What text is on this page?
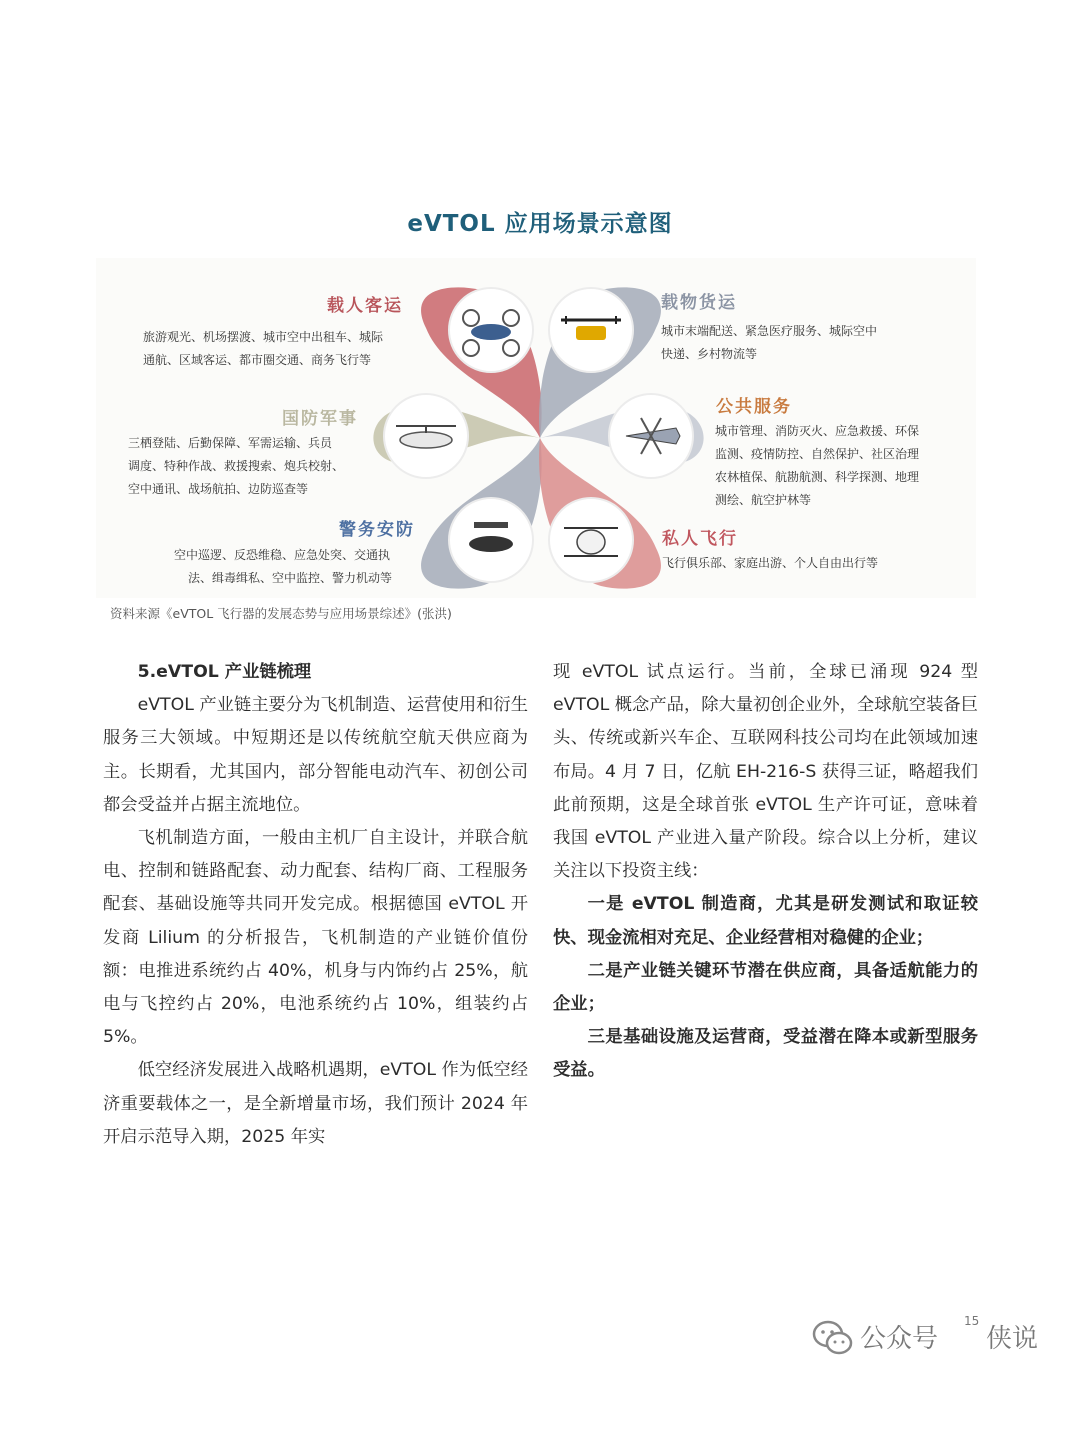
eVTOL 应用场景示意图
载人客运
旅游观光、机场摆渡、城市空中出租车、城际
通航、区域客运、都市圈交通、商务飞行等
载物货运
城市末端配送、紧急医疗服务、城际空中
快递、乡村物流等
国防军事
三栖登陆、后勤保障、军需运输、兵员
调度、特种作战、救援搜索、炮兵校射、
空中通讯、战场航拍、边防巡查等
公共服务
城市管理、消防灭火、应急救援、环保
监测、疫情防控、自然保护、社区治理
农林植保、航勘航测、科学探测、地理
测绘、航空护林等
警务安防
空中巡逻、反恐维稳、应急处突、交通执
法、缉毒缉私、空中监控、警力机动等
私人飞行
飞行俱乐部、家庭出游、个人自由出行等
资料来源《eVTOL 飞行器的发展态势与应用场景综述》(张洪)

5.eVTOL 产业链梳理

eVTOL 产业链主要分为飞机制造、运营使用和衍生服务三大领域。中短期还是以传统航空航天供应商为主。长期看，尤其国内，部分智能电动汽车、初创公司都会受益并占据主流地位。

飞机制造方面，一般由主机厂自主设计，并联合航电、控制和链路配套、动力配套、结构厂商、工程服务配套、基础设施等共同开发完成。根据德国 eVTOL 开发商 Lilium 的分析报告，飞机制造的产业链价值份额：电推进系统约占 40%，机身与内饰约占 25%，航电与飞控约占 20%，电池系统约占 10%，组装约占 5%。

低空经济发展进入战略机遇期，eVTOL 作为低空经济重要载体之一，是全新增量市场，我们预计 2024 年开启示范导入期，2025 年实

现 eVTOL 试点运行。当前，全球已涌现 924 型 eVTOL 概念产品，除大量初创企业外，全球航空装备巨头、传统或新兴车企、互联网科技公司均在此领域加速布局。4 月 7 日，亿航 EH-216-S 获得三证，略超我们此前预期，这是全球首张 eVTOL 生产许可证，意味着我国 eVTOL 产业进入量产阶段。综合以上分析，建议关注以下投资主线：

一是 eVTOL 制造商，尤其是研发测试和取证较快、现金流相对充足、企业经营相对稳健的企业；

二是产业链关键环节潜在供应商，具备适航能力的企业；

三是基础设施及运营商，受益潜在降本或新型服务受益。

公众号
15
侠说
